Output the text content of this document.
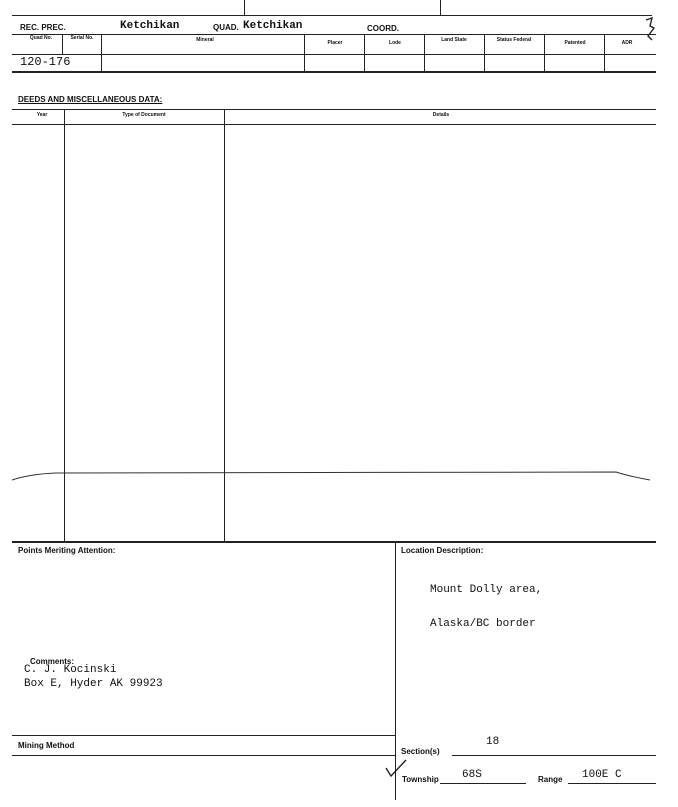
REC. PREC.	Ketchikan	QUAD. Ketchikan	COORD.
Quad No.	Serial No.	Mineral	Placer	Lode	Land State	Status Federal	Patented	ADR
120-176
DEEDS AND MISCELLANEOUS DATA:
Year	Type of Document	Details
Points Meriting Attention:	Location Description:
Mount Dolly area,
Alaska/BC border
Comments:
C. J. Kocinski
Box E, Hyder AK 99923
Mining Method
Section(s)
18
Township 68S	Range 100E C
